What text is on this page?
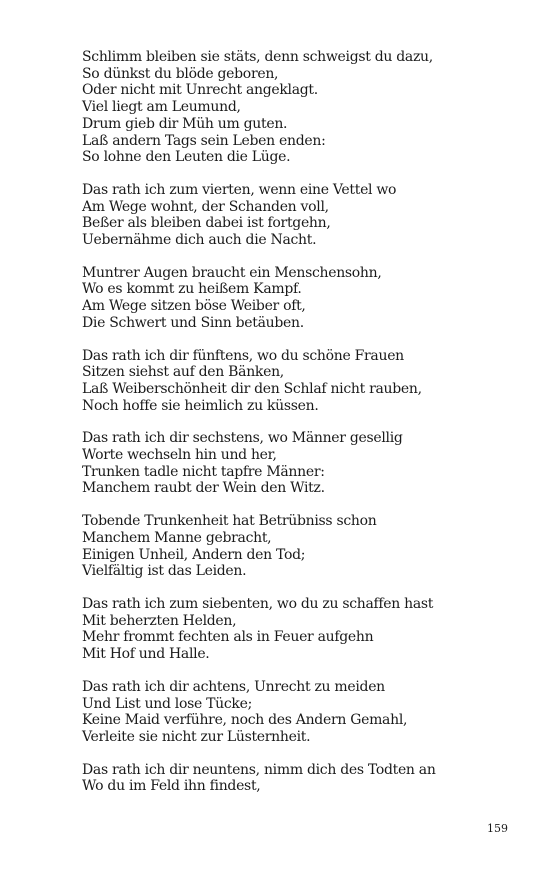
Schlimm bleiben sie stäts, denn schweigst du dazu,
So dünkst du blöde geboren,
Oder nicht mit Unrecht angeklagt.
Viel liegt am Leumund,
Drum gieb dir Müh um guten.
Laß andern Tags sein Leben enden:
So lohne den Leuten die Lüge.
Das rath ich zum vierten, wenn eine Vettel wo
Am Wege wohnt, der Schanden voll,
Beßer als bleiben dabei ist fortgehn,
Uebernähme dich auch die Nacht.
Muntrer Augen braucht ein Menschensohn,
Wo es kommt zu heißem Kampf.
Am Wege sitzen böse Weiber oft,
Die Schwert und Sinn betäuben.
Das rath ich dir fünftens, wo du schöne Frauen
Sitzen siehst auf den Bänken,
Laß Weiberschönheit dir den Schlaf nicht rauben,
Noch hoffe sie heimlich zu küssen.
Das rath ich dir sechstens, wo Männer gesellig
Worte wechseln hin und her,
Trunken tadle nicht tapfre Männer:
Manchem raubt der Wein den Witz.
Tobende Trunkenheit hat Betrübniss schon
Manchem Manne gebracht,
Einigen Unheil, Andern den Tod;
Vielfältig ist das Leiden.
Das rath ich zum siebenten, wo du zu schaffen hast
Mit beherzten Helden,
Mehr frommt fechten als in Feuer aufgehn
Mit Hof und Halle.
Das rath ich dir achtens, Unrecht zu meiden
Und List und lose Tücke;
Keine Maid verführe, noch des Andern Gemahl,
Verleite sie nicht zur Lüsternheit.
Das rath ich dir neuntens, nimm dich des Todten an
Wo du im Feld ihn findest,
159
